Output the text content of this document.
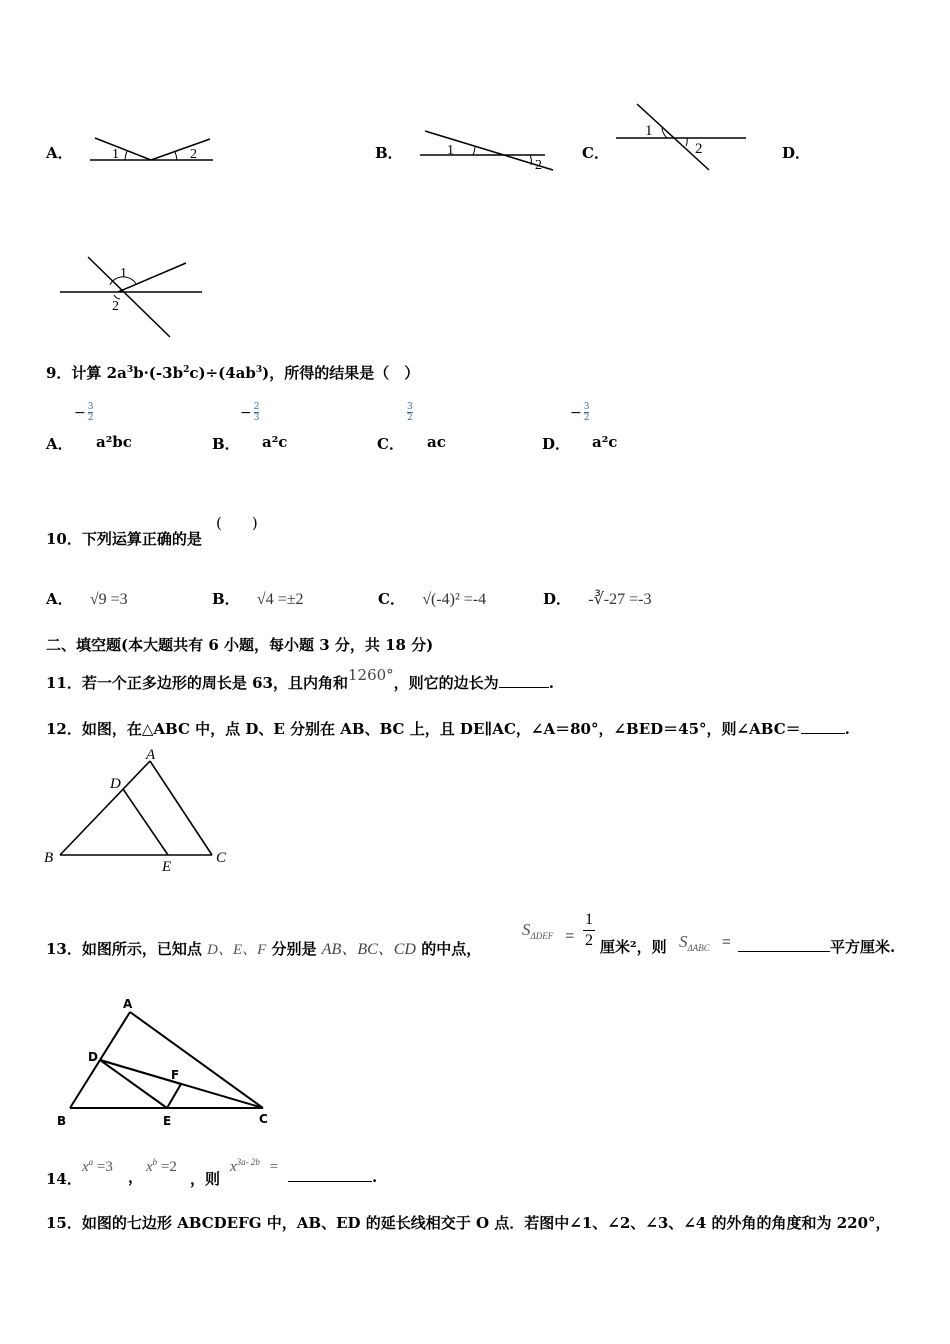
A．	1	2	B．	1
2
C．
1
2	D．
1
2
9．计算 $2a^3b\cdot(-3b^2c)\div(4ab^3)$，所得的结果是（　）
A．
− $\frac{3}{2}$
a²bc	B．
− $\frac{2}{3}$
a²c	C．
$\frac{3}{2}$
ac	D．
− $\frac{3}{2}$
a²c
10．下列运算正确的是
(　　)
A． √9 =3	B． √4 =±2	C． √(-4)² =-4	D． -∛-27 =-3
二、填空题(本大题共有 6 小题，每小题 3 分，共 18 分)
11．若一个正多边形的周长是 63，且内角和1260°，则它的边长为	.
12．如图，在△ABC 中，点 D、E 分别在 AB、BC 上，且 DE∥AC，∠A＝80°，∠BED＝45°，则∠ABC＝	.
A
B	C
D
E
13．如图所示，已知点 D、E、F 分别是 AB、BC、CD 的中点，
$S_{\Delta DEF}$ =
1
2 厘米²，则 $S_{\Delta ABC}$ =	平方厘米.
A
B	C
D
E
F
14．
$x^a =3$
，
$x^b =2$
，则
$x^{3a- 2b}$ =
.
15．如图的七边形 ABCDEFG 中，AB、ED 的延长线相交于 O 点．若图中∠1、∠2、∠3、∠4 的外角的角度和为 220°，
